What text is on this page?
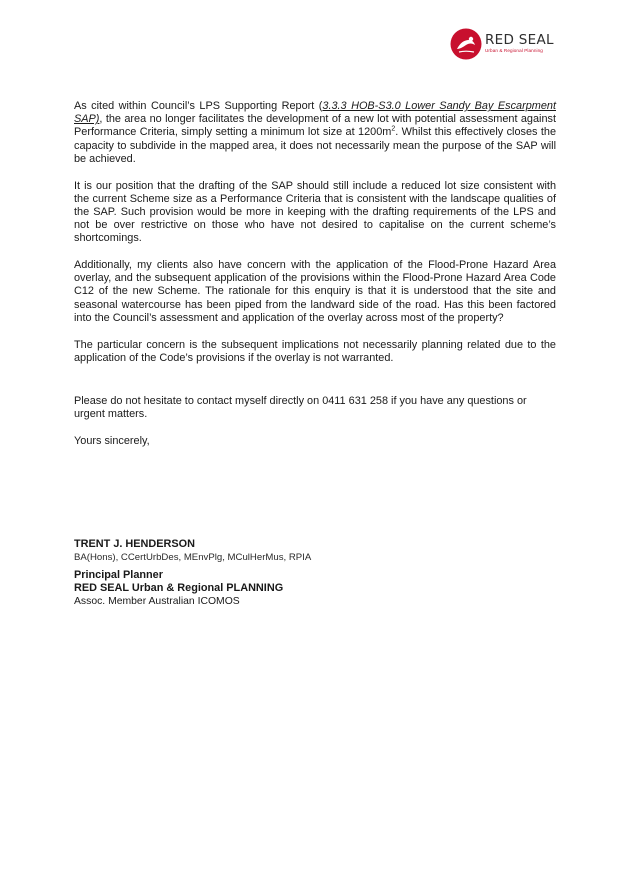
RED SEAL
Urban & Regional Planning

As cited within Council’s LPS Supporting Report (3.3.3 HOB-S3.0 Lower Sandy Bay Escarpment SAP), the area no longer facilitates the development of a new lot with potential assessment against Performance Criteria, simply setting a minimum lot size at $1200m^2$. Whilst this effectively closes the capacity to subdivide in the mapped area, it does not necessarily mean the purpose of the SAP will be achieved.

It is our position that the drafting of the SAP should still include a reduced lot size consistent with the current Scheme size as a Performance Criteria that is consistent with the landscape qualities of the SAP. Such provision would be more in keeping with the drafting requirements of the LPS and not be over restrictive on those who have not desired to capitalise on the current scheme’s shortcomings.

Additionally, my clients also have concern with the application of the Flood-Prone Hazard Area overlay, and the subsequent application of the provisions within the Flood-Prone Hazard Area Code C12 of the new Scheme. The rationale for this enquiry is that it is understood that the site and seasonal watercourse has been piped from the landward side of the road. Has this been factored into the Council’s assessment and application of the overlay across most of the property?

The particular concern is the subsequent implications not necessarily planning related due to the application of the Code’s provisions if the overlay is not warranted.

Please do not hesitate to contact myself directly on 0411 631 258 if you have any questions or urgent matters.

Yours sincerely,

TRENT J. HENDERSON
BA(Hons), CCertUrbDes, MEnvPlg, MCulHerMus, RPIA
Principal Planner
RED SEAL Urban & Regional PLANNING
Assoc. Member Australian ICOMOS
